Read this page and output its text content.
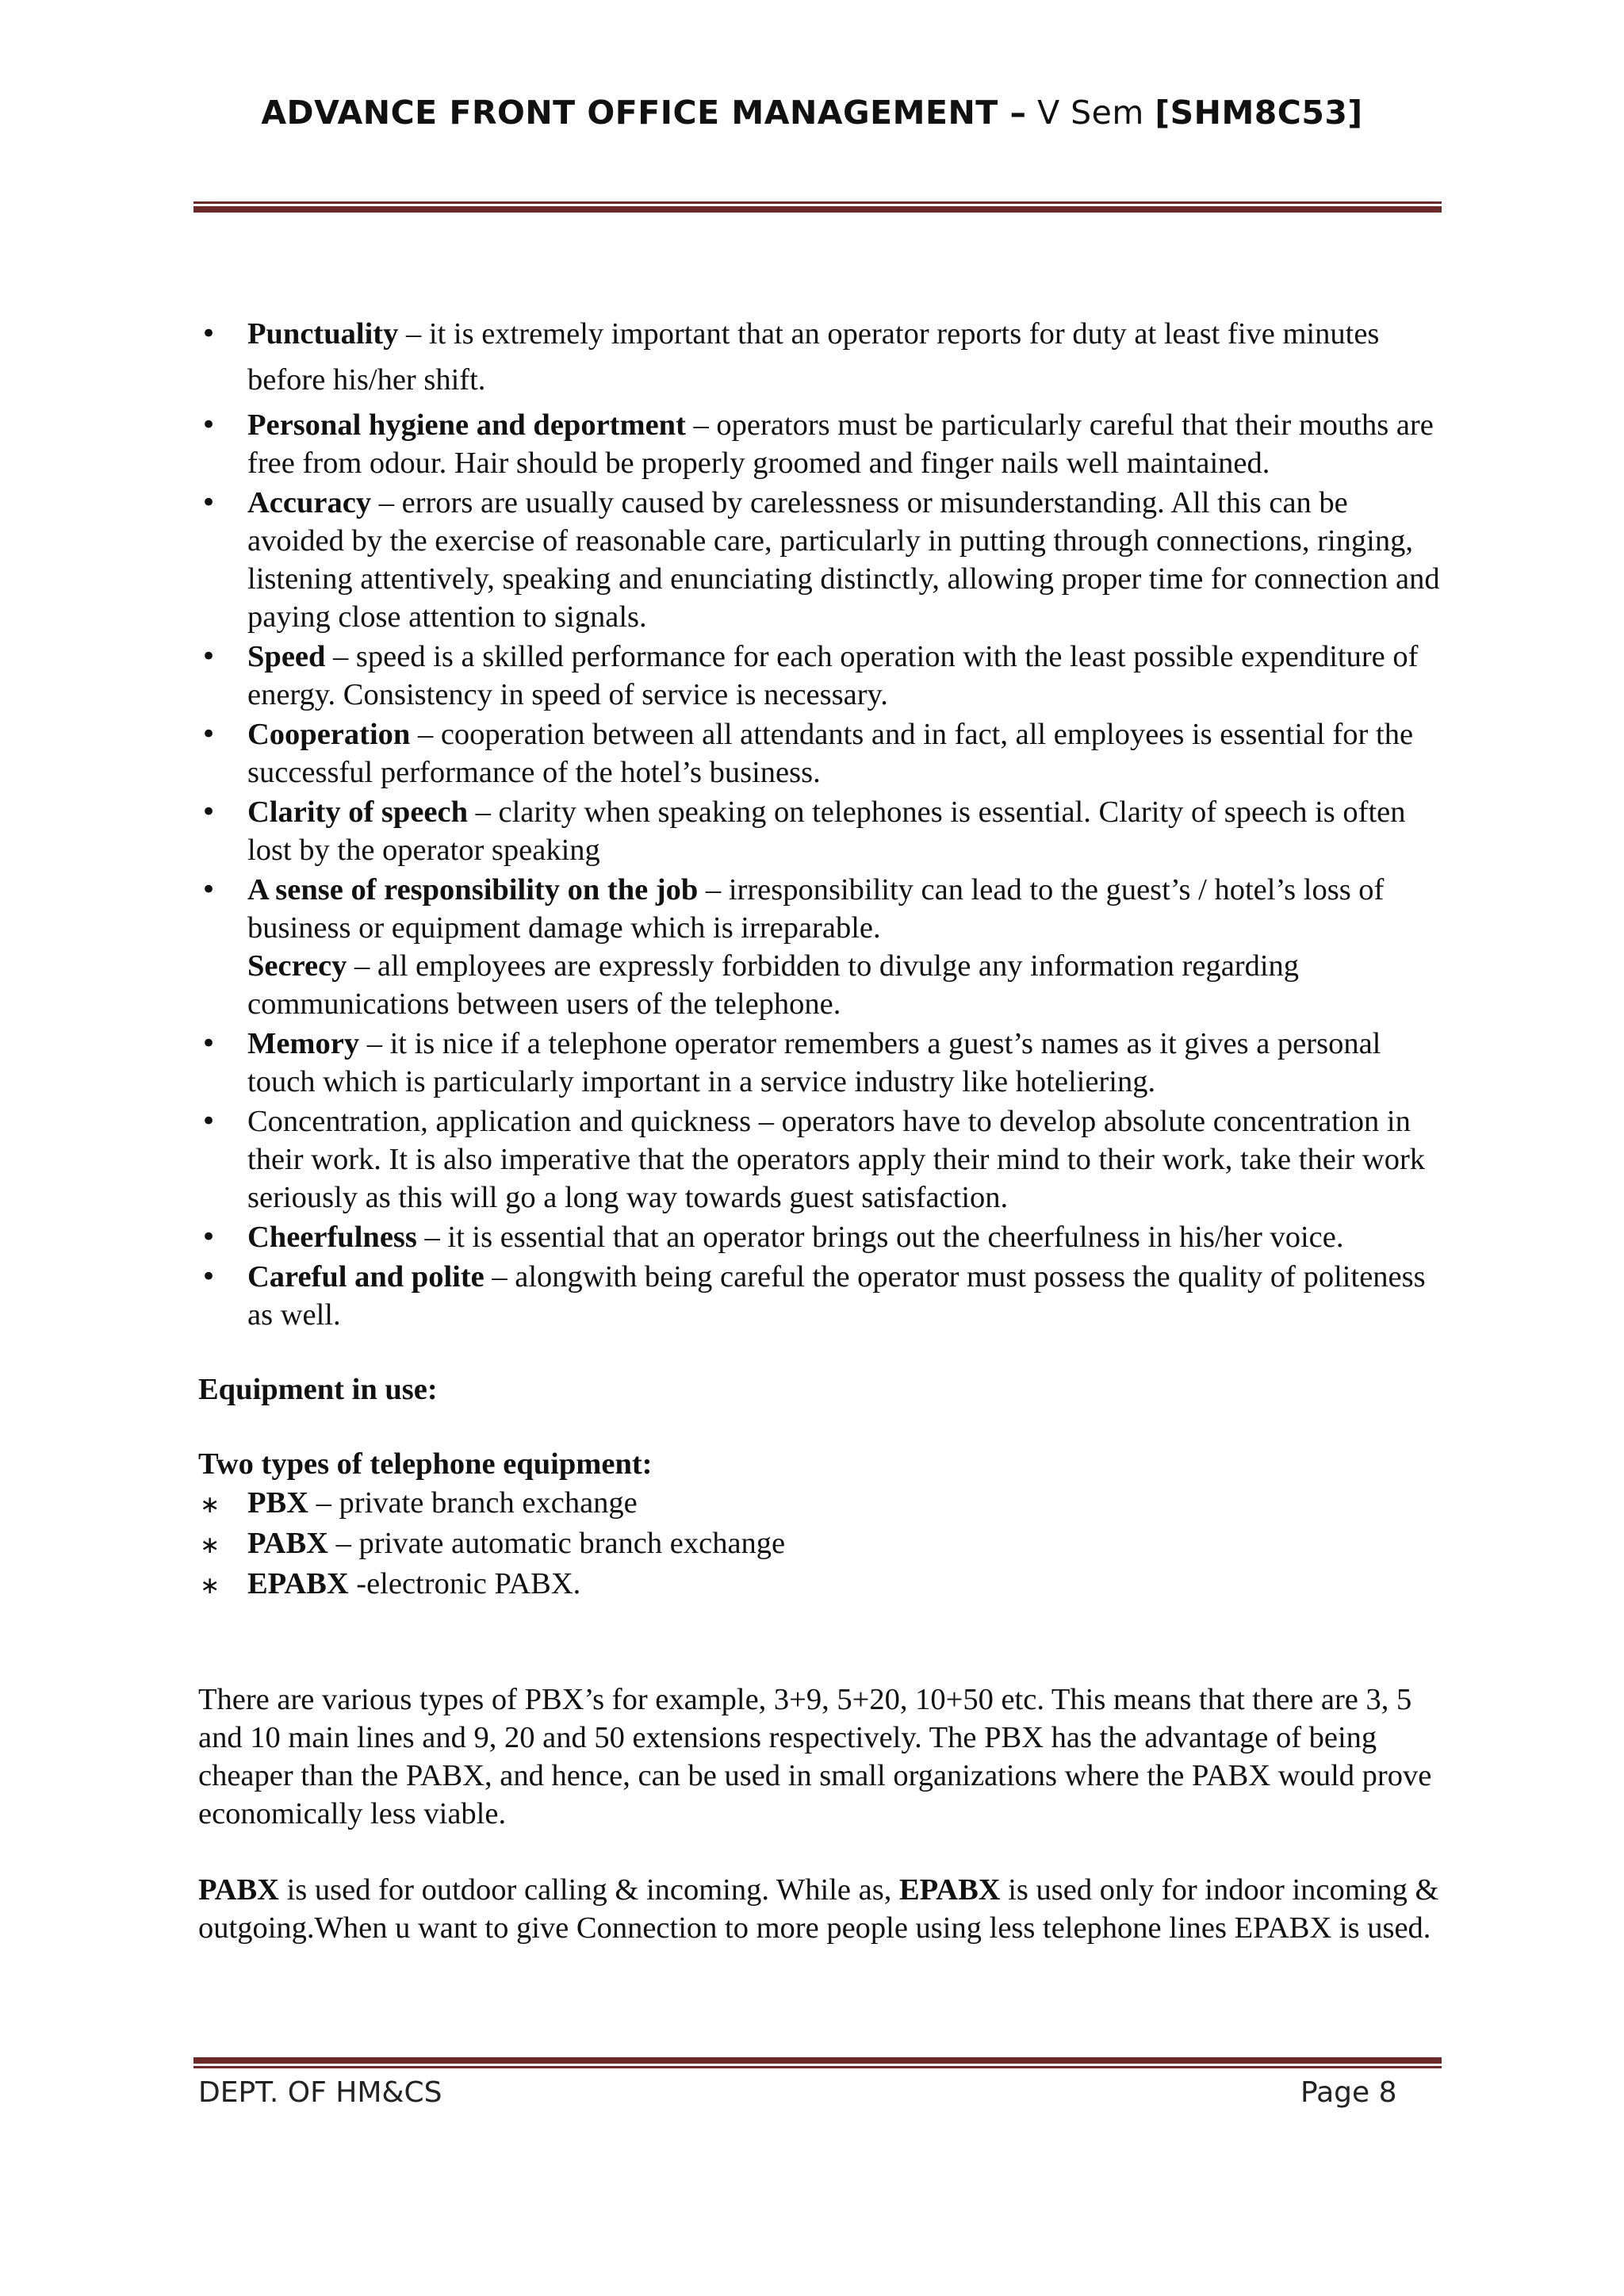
ADVANCE FRONT OFFICE MANAGEMENT – V Sem [SHM8C53]
•	Punctuality – it is extremely important that an operator reports for duty at least five minutes before his/her shift.
•	Personal hygiene and deportment – operators must be particularly careful that their mouths are free from odour. Hair should be properly groomed and finger nails well maintained.
•	Accuracy – errors are usually caused by carelessness or misunderstanding. All this can be avoided by the exercise of reasonable care, particularly in putting through connections, ringing, listening attentively, speaking and enunciating distinctly, allowing proper time for connection and paying close attention to signals.
•	Speed – speed is a skilled performance for each operation with the least possible expenditure of energy. Consistency in speed of service is necessary.
•	Cooperation – cooperation between all attendants and in fact, all employees is essential for the successful performance of the hotel’s business.
•	Clarity of speech – clarity when speaking on telephones is essential. Clarity of speech is often lost by the operator speaking
•	A sense of responsibility on the job – irresponsibility can lead to the guest’s / hotel’s loss of business or equipment damage which is irreparable.
Secrecy – all employees are expressly forbidden to divulge any information regarding communications between users of the telephone.
•	Memory – it is nice if a telephone operator remembers a guest’s names as it gives a personal touch which is particularly important in a service industry like hoteliering.
•	Concentration, application and quickness – operators have to develop absolute concentration in their work. It is also imperative that the operators apply their mind to their work, take their work seriously as this will go a long way towards guest satisfaction.
•	Cheerfulness – it is essential that an operator brings out the cheerfulness in his/her voice.
•	Careful and polite – alongwith being careful the operator must possess the quality of politeness as well.
Equipment in use:
Two types of telephone equipment:
∗ PBX – private branch exchange
∗ PABX – private automatic branch exchange
∗ EPABX -electronic PABX.

There are various types of PBX’s for example, 3+9, 5+20, 10+50 etc. This means that there are 3, 5 and 10 main lines and 9, 20 and 50 extensions respectively. The PBX has the advantage of being cheaper than the PABX, and hence, can be used in small organizations where the PABX would prove economically less viable.

PABX is used for outdoor calling & incoming. While as, EPABX is used only for indoor incoming & outgoing.When u want to give Connection to more people using less telephone lines EPABX is used.

DEPT. OF HM&CS	Page 8
